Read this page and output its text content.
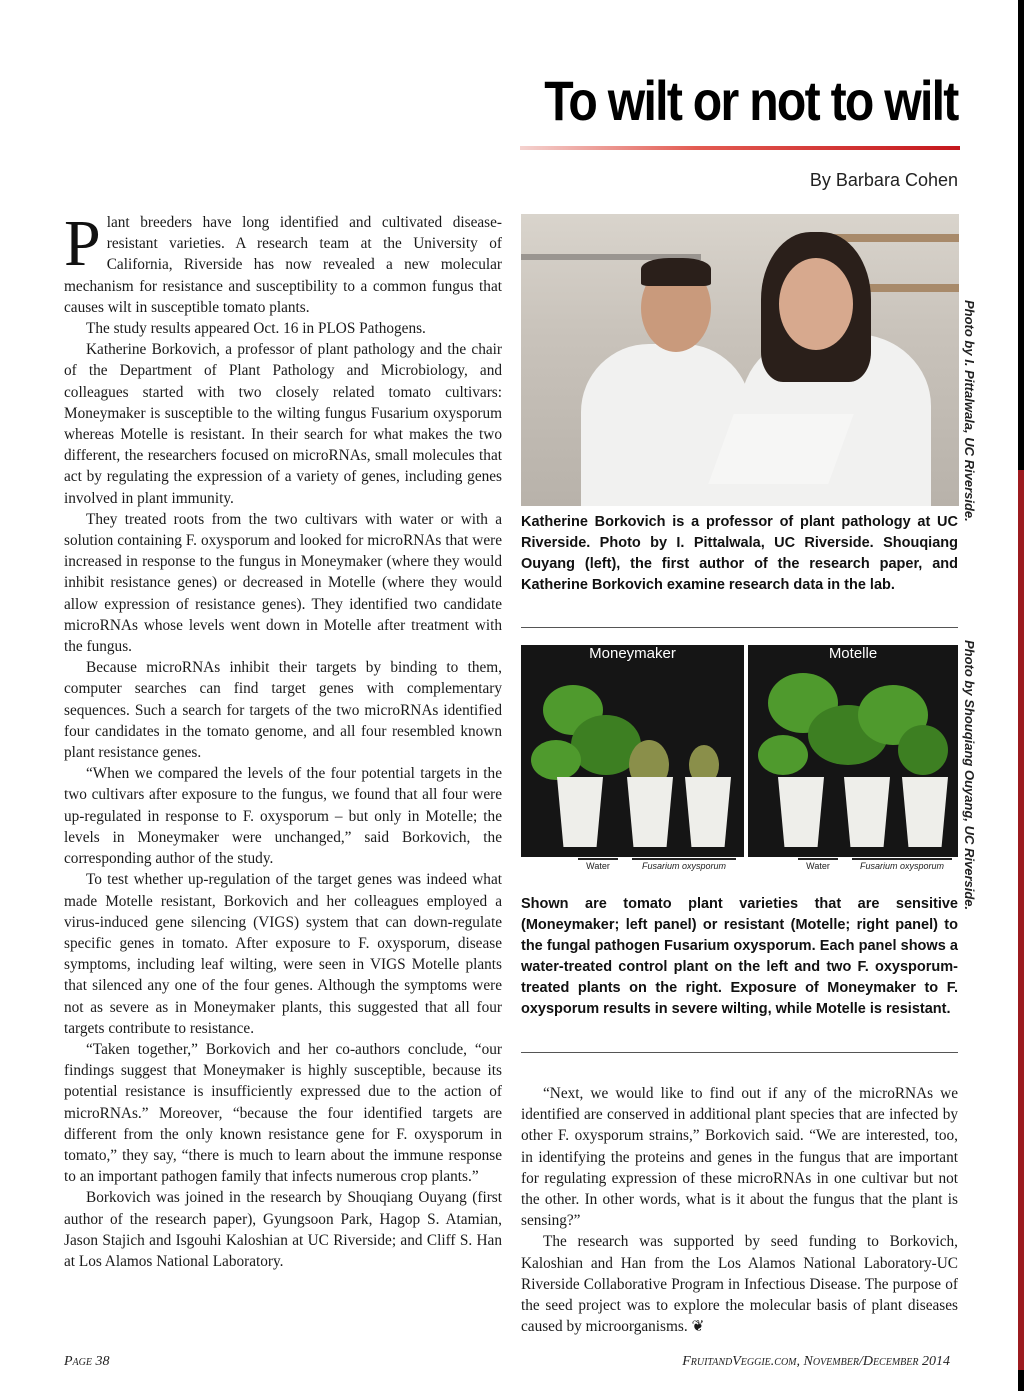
To wilt or not to wilt
By Barbara Cohen

Plant breeders have long identified and cultivated disease-resistant varieties. A research team at the University of California, Riverside has now revealed a new molecular mechanism for resistance and susceptibility to a common fungus that causes wilt in susceptible tomato plants.

The study results appeared Oct. 16 in PLOS Pathogens.

Katherine Borkovich, a professor of plant pathology and the chair of the Department of Plant Pathology and Microbiology, and colleagues started with two closely related tomato cultivars: Moneymaker is susceptible to the wilting fungus Fusarium oxysporum whereas Motelle is resistant. In their search for what makes the two different, the researchers focused on microRNAs, small molecules that act by regulating the expression of a variety of genes, including genes involved in plant immunity.

They treated roots from the two cultivars with water or with a solution containing F. oxysporum and looked for microRNAs that were increased in response to the fungus in Moneymaker (where they would inhibit resistance genes) or decreased in Motelle (where they would allow expression of resistance genes). They identified two candidate microRNAs whose levels went down in Motelle after treatment with the fungus.

Because microRNAs inhibit their targets by binding to them, computer searches can find target genes with complementary sequences. Such a search for targets of the two microRNAs identified four candidates in the tomato genome, and all four resembled known plant resistance genes.

“When we compared the levels of the four potential targets in the two cultivars after exposure to the fungus, we found that all four were up-regulated in response to F. oxysporum – but only in Motelle; the levels in Moneymaker were unchanged,” said Borkovich, the corresponding author of the study.

To test whether up-regulation of the target genes was indeed what made Motelle resistant, Borkovich and her colleagues employed a virus-induced gene silencing (VIGS) system that can down-regulate specific genes in tomato. After exposure to F. oxysporum, disease symptoms, including leaf wilting, were seen in VIGS Motelle plants that silenced any one of the four genes. Although the symptoms were not as severe as in Moneymaker plants, this suggested that all four targets contribute to resistance.

“Taken together,” Borkovich and her co-authors conclude, “our findings suggest that Moneymaker is highly susceptible, because its potential resistance is insufficiently expressed due to the action of microRNAs.” Moreover, “because the four identified targets are different from the only known resistance gene for F. oxysporum in tomato,” they say, “there is much to learn about the immune response to an important pathogen family that infects numerous crop plants.”

Borkovich was joined in the research by Shouqiang Ouyang (first author of the research paper), Gyungsoon Park, Hagop S. Atamian, Jason Stajich and Isgouhi Kaloshian at UC Riverside; and Cliff S. Han at Los Alamos National Laboratory.

Photo by I. Pittalwala, UC Riverside.
Katherine Borkovich is a professor of plant pathology at UC Riverside. Photo by I. Pittalwala, UC Riverside. Shouqiang Ouyang (left), the first author of the research paper, and Katherine Borkovich examine research data in the lab.
Moneymaker	Motelle
Water	Fusarium oxysporum	Water	Fusarium oxysporum	Photo by Shouqiang Ouyang, UC Riverside.
Shown are tomato plant varieties that are sensitive (Moneymaker; left panel) or resistant (Motelle; right panel) to the fungal pathogen Fusarium oxysporum. Each panel shows a water-treated control plant on the left and two F. oxysporum-treated plants on the right. Exposure of Moneymaker to F. oxysporum results in severe wilting, while Motelle is resistant.

“Next, we would like to find out if any of the microRNAs we identified are conserved in additional plant species that are infected by other F. oxysporum strains,” Borkovich said. “We are interested, too, in identifying the proteins and genes in the fungus that are important for regulating expression of these microRNAs in one cultivar but not the other. In other words, what is it about the fungus that the plant is sensing?”

The research was supported by seed funding to Borkovich, Kaloshian and Han from the Los Alamos National Laboratory-UC Riverside Collaborative Program in Infectious Disease. The purpose of the seed project was to explore the molecular basis of plant diseases caused by microorganisms. ❦

Page 38	FruitandVeggie.com, November/December 2014
